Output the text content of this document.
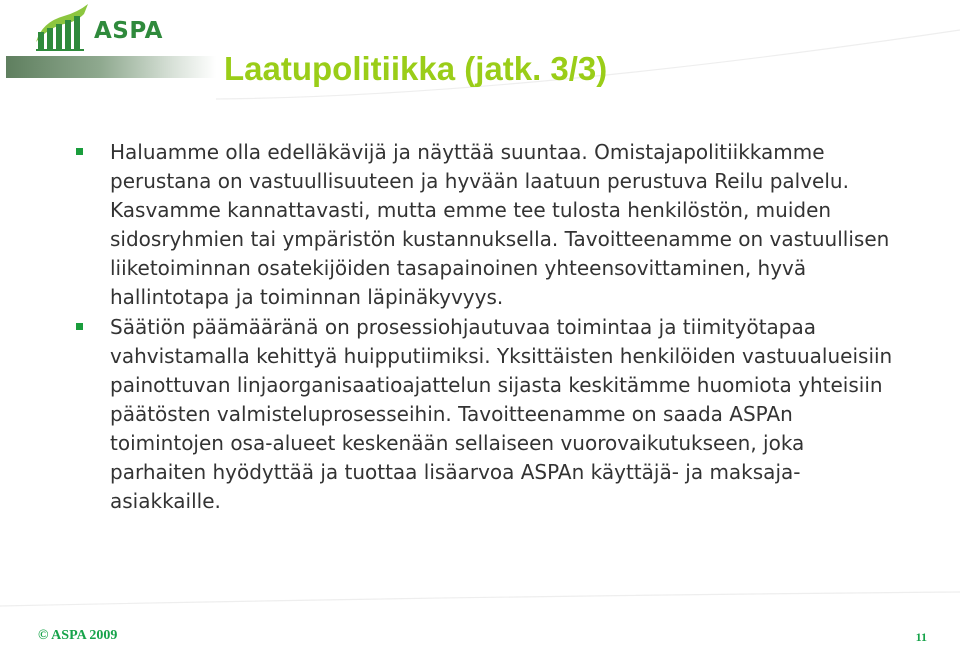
ASPA
Laatupolitiikka (jatk. 3/3)
Haluamme olla edelläkävijä ja näyttää suuntaa. Omistajapolitiikkamme perustana on vastuullisuuteen ja hyvään laatuun perustuva Reilu palvelu. Kasvamme kannattavasti, mutta emme tee tulosta henkilöstön, muiden sidosryhmien tai ympäristön kustannuksella. Tavoitteenamme on vastuullisen liiketoiminnan osatekijöiden tasapainoinen yhteensovittaminen, hyvä hallintotapa ja toiminnan läpinäkyvyys.
Säätiön päämääränä on prosessiohjautuvaa toimintaa ja tiimityötapaa vahvistamalla kehittyä huipputiimiksi. Yksittäisten henkilöiden vastuualueisiin painottuvan linjaorganisaatioajattelun sijasta keskitämme huomiota yhteisiin päätösten valmisteluprosesseihin. Tavoitteenamme on saada ASPAn toimintojen osa-alueet keskenään sellaiseen vuorovaikutukseen, joka parhaiten hyödyttää ja tuottaa lisäarvoa ASPAn käyttäjä- ja maksaja-asiakkaille.
© ASPA 2009	11
